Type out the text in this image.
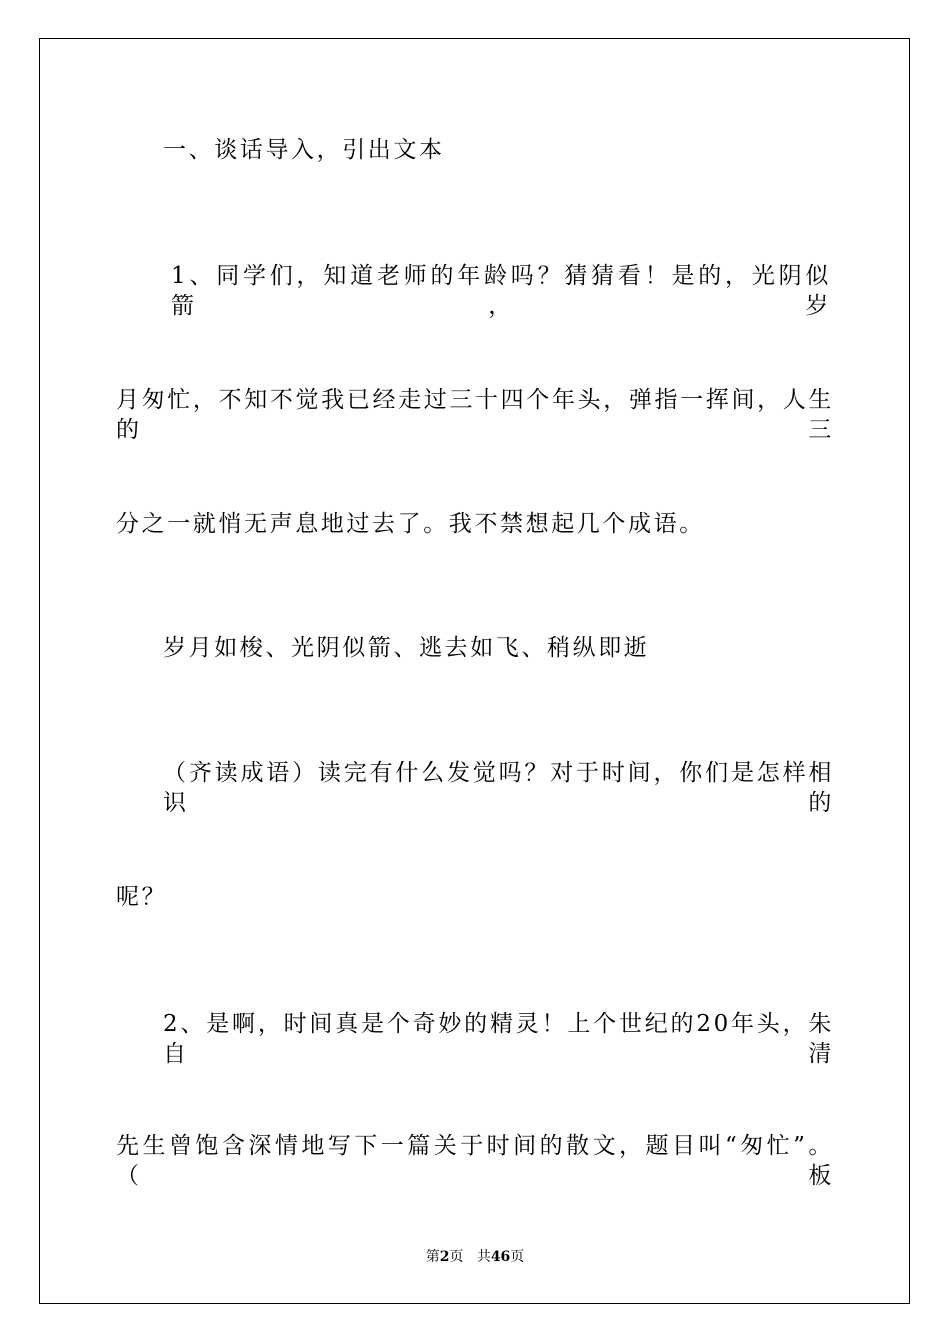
一、谈话导入，引出文本
1、同学们，知道老师的年龄吗？猜猜看！是的，光阴似箭，岁
月匆忙，不知不觉我已经走过三十四个年头，弹指一挥间，人生的三
分之一就悄无声息地过去了。我不禁想起几个成语。
岁月如梭、光阴似箭、逃去如飞、稍纵即逝
（齐读成语）读完有什么发觉吗？对于时间，你们是怎样相识的
呢？
2、是啊，时间真是个奇妙的精灵！上个世纪的20年头，朱自清
先生曾饱含深情地写下一篇关于时间的散文，题目叫“匆忙”。（板
第2页 共46页
